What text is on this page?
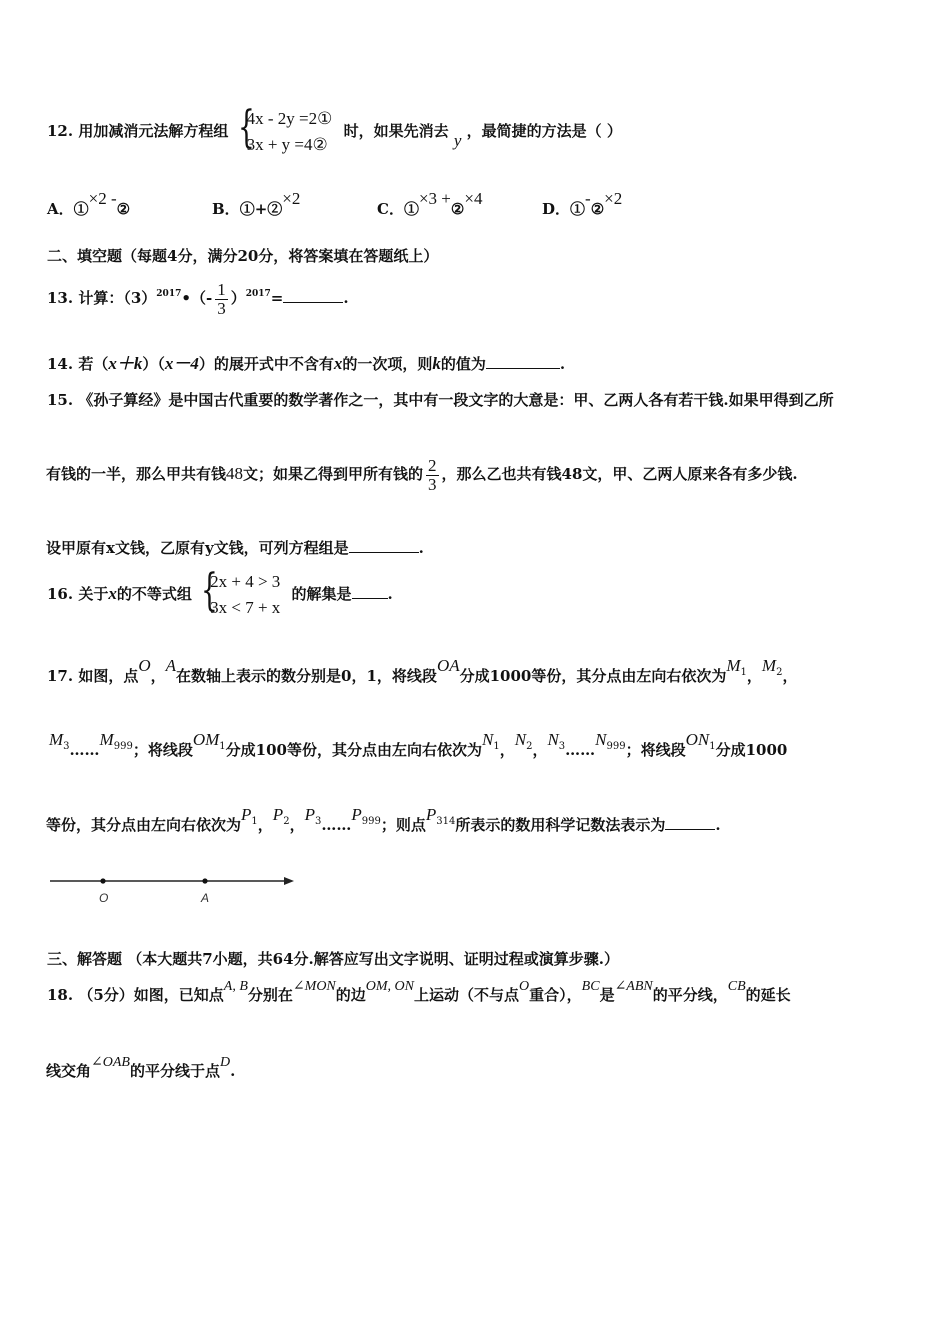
12. 用加减消元法解方程组 {
4x - 2y =2①
3x + y =4②
时，如果先消去 y ，最简捷的方法是（ ）
A．①×2 -②	B．①+②×2
C．①×3 +②×4
D．①-②×2
二、填空题（每题4分，满分20分，将答案填在答题纸上）
13. 计算：$(3)^{2017}•(- \frac{1}{3} )^{2017}=$	.
14. 若（x＋k）（x－4）的展开式中不含有x的一次项，则k的值为	.
15. 《孙子算经》是中国古代重要的数学著作之一，其中有一段文字的大意是：甲、乙两人各有若干钱.如果甲得到乙所
有钱的一半，那么甲共有钱48文；如果乙得到甲所有钱的 $\frac{2}{3}$ ，那么乙也共有钱48文，甲、乙两人原来各有多少钱.
设甲原有x文钱，乙原有y文钱，可列方程组是	.
16. 关于x的不等式组 {
2x + 4 > 3
3x < 7 + x
的解集是 .
17. 如图，点O，A在数轴上表示的数分别是0，1，将线段OA分成1000等份，其分点由左向右依次为$M_1$，$M_2$，
$M_3\dots\dots M_{999}$；将线段$OM_1$分成100等份，其分点由左向右依次为$N_1$，$N_2$，$N_3\dots\dots N_{999}$；将线段$ON_1$分成1000
等份，其分点由左向右依次为$P_1$，$P_2$，$P_3\dots\dots P_{999}$；则点$P_{314}$所表示的数用科学记数法表示为	.
O	A
三、解答题 （本大题共7小题，共64分.解答应写出文字说明、证明过程或演算步骤.）
18. （5分）如图，已知点A, B分别在∠MON的边OM, ON上运动（不与点O重合），BC是∠ABN的平分线，CB的延长
线交角∠OAB的平分线于点D.
